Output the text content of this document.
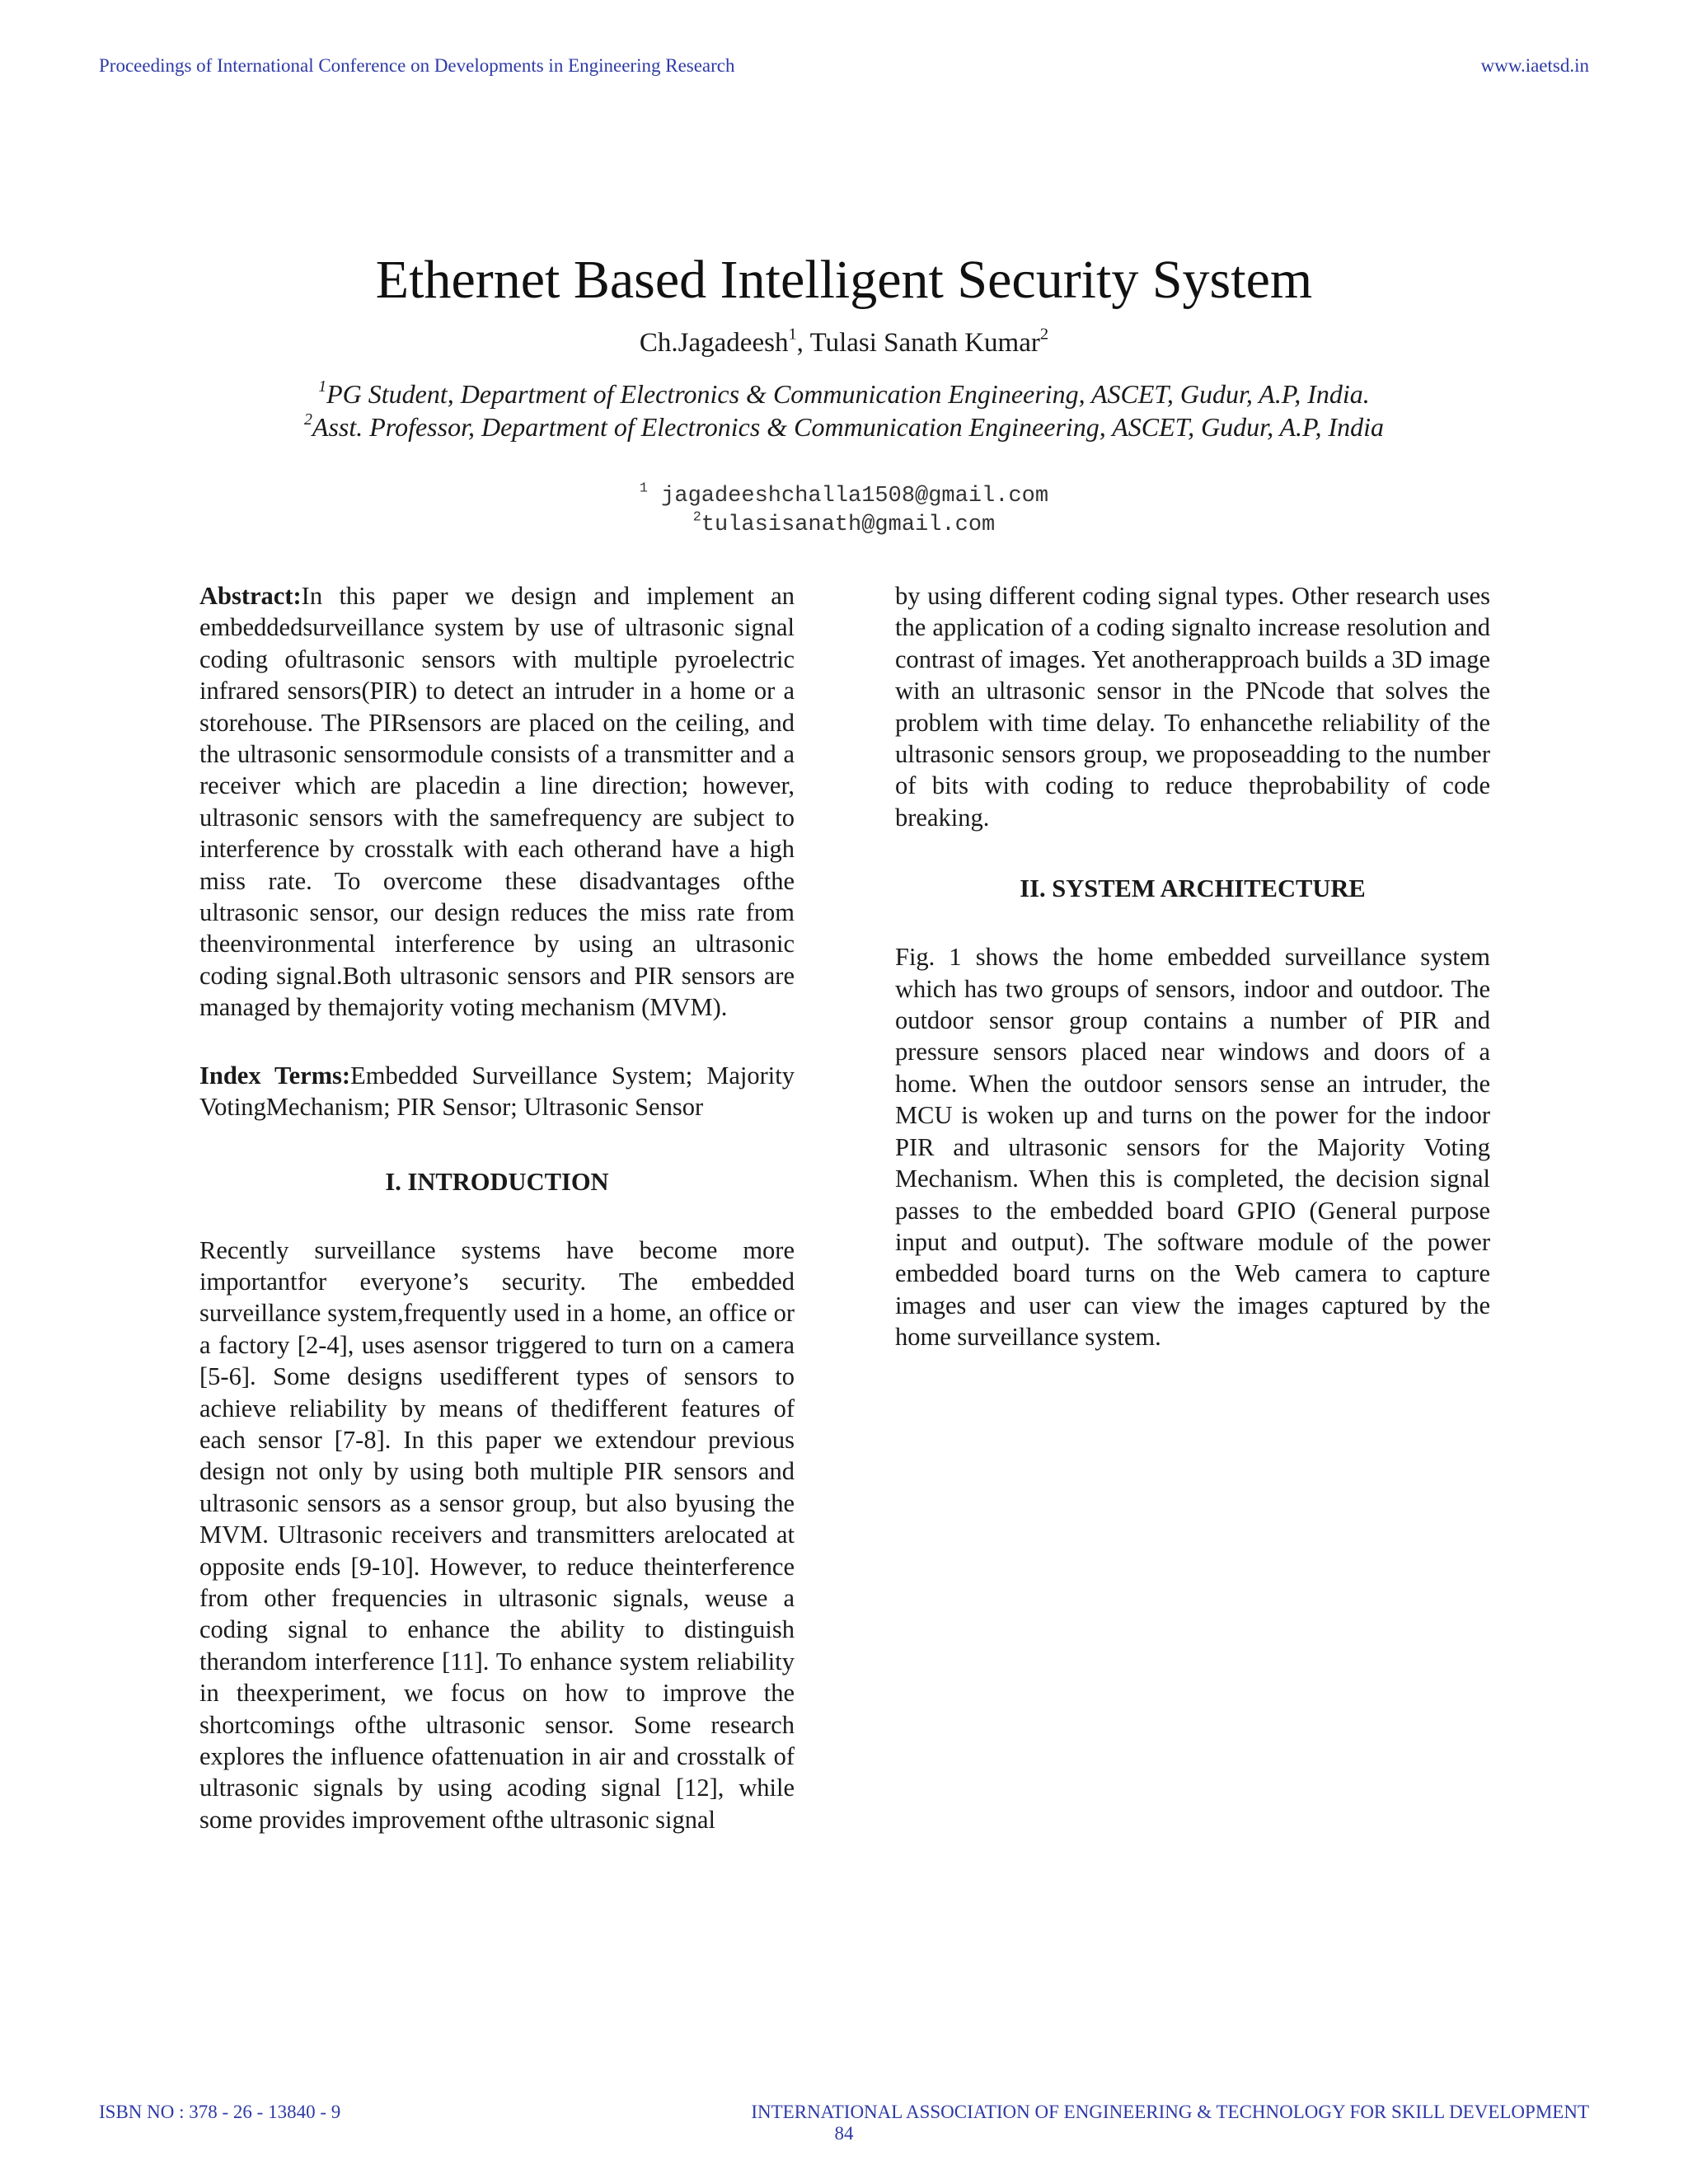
Proceedings of International Conference on Developments in Engineering Research	www.iaetsd.in
Ethernet Based Intelligent Security System
Ch.Jagadeesh$^1$, Tulasi Sanath Kumar$^2$
$^1$PG Student, Department of Electronics & Communication Engineering, ASCET, Gudur, A.P, India.
$^2$Asst. Professor, Department of Electronics & Communication Engineering, ASCET, Gudur, A.P, India
$^1$ jagadeeshchalla1508@gmail.com
$^2$tulasisanath@gmail.com

Abstract:In this paper we design and implement an embeddedsurveillance system by use of ultrasonic signal coding ofultrasonic sensors with multiple pyroelectric infrared sensors(PIR) to detect an intruder in a home or a storehouse. The PIRsensors are placed on the ceiling, and the ultrasonic sensormodule consists of a transmitter and a receiver which are placedin a line direction; however, ultrasonic sensors with the samefrequency are subject to interference by crosstalk with each otherand have a high miss rate. To overcome these disadvantages ofthe ultrasonic sensor, our design reduces the miss rate from theenvironmental interference by using an ultrasonic coding signal.Both ultrasonic sensors and PIR sensors are managed by themajority voting mechanism (MVM).

Index Terms:Embedded Surveillance System; Majority VotingMechanism; PIR Sensor; Ultrasonic Sensor

I. INTRODUCTION

Recently surveillance systems have become more importantfor everyone’s security. The embedded surveillance system,frequently used in a home, an office or a factory [2-4], uses asensor triggered to turn on a camera [5-6]. Some designs usedifferent types of sensors to achieve reliability by means of thedifferent features of each sensor [7-8]. In this paper we extendour previous design not only by using both multiple PIR sensors and ultrasonic sensors as a sensor group, but also byusing the MVM. Ultrasonic receivers and transmitters arelocated at opposite ends [9-10]. However, to reduce theinterference from other frequencies in ultrasonic signals, weuse a coding signal to enhance the ability to distinguish therandom interference [11]. To enhance system reliability in theexperiment, we focus on how to improve the shortcomings ofthe ultrasonic sensor. Some research explores the influence ofattenuation in air and crosstalk of ultrasonic signals by using acoding signal [12], while some provides improvement ofthe ultrasonic signal

by using different coding signal types. Other research uses the application of a coding signalto increase resolution and contrast of images. Yet anotherapproach builds a 3D image with an ultrasonic sensor in the PNcode that solves the problem with time delay. To enhancethe reliability of the ultrasonic sensors group, we proposeadding to the number of bits with coding to reduce theprobability of code breaking.

II. SYSTEM ARCHITECTURE

Fig. 1 shows the home embedded surveillance system which has two groups of sensors, indoor and outdoor. The outdoor sensor group contains a number of PIR and pressure sensors placed near windows and doors of a home. When the outdoor sensors sense an intruder, the MCU is woken up and turns on the power for the indoor PIR and ultrasonic sensors for the Majority Voting Mechanism. When this is completed, the decision signal passes to the embedded board GPIO (General purpose input and output). The software module of the power embedded board turns on the Web camera to capture images and user can view the images captured by the home surveillance system.

ISBN NO : 378 - 26 - 13840 - 9	INTERNATIONAL ASSOCIATION OF ENGINEERING & TECHNOLOGY FOR SKILL DEVELOPMENT
84
